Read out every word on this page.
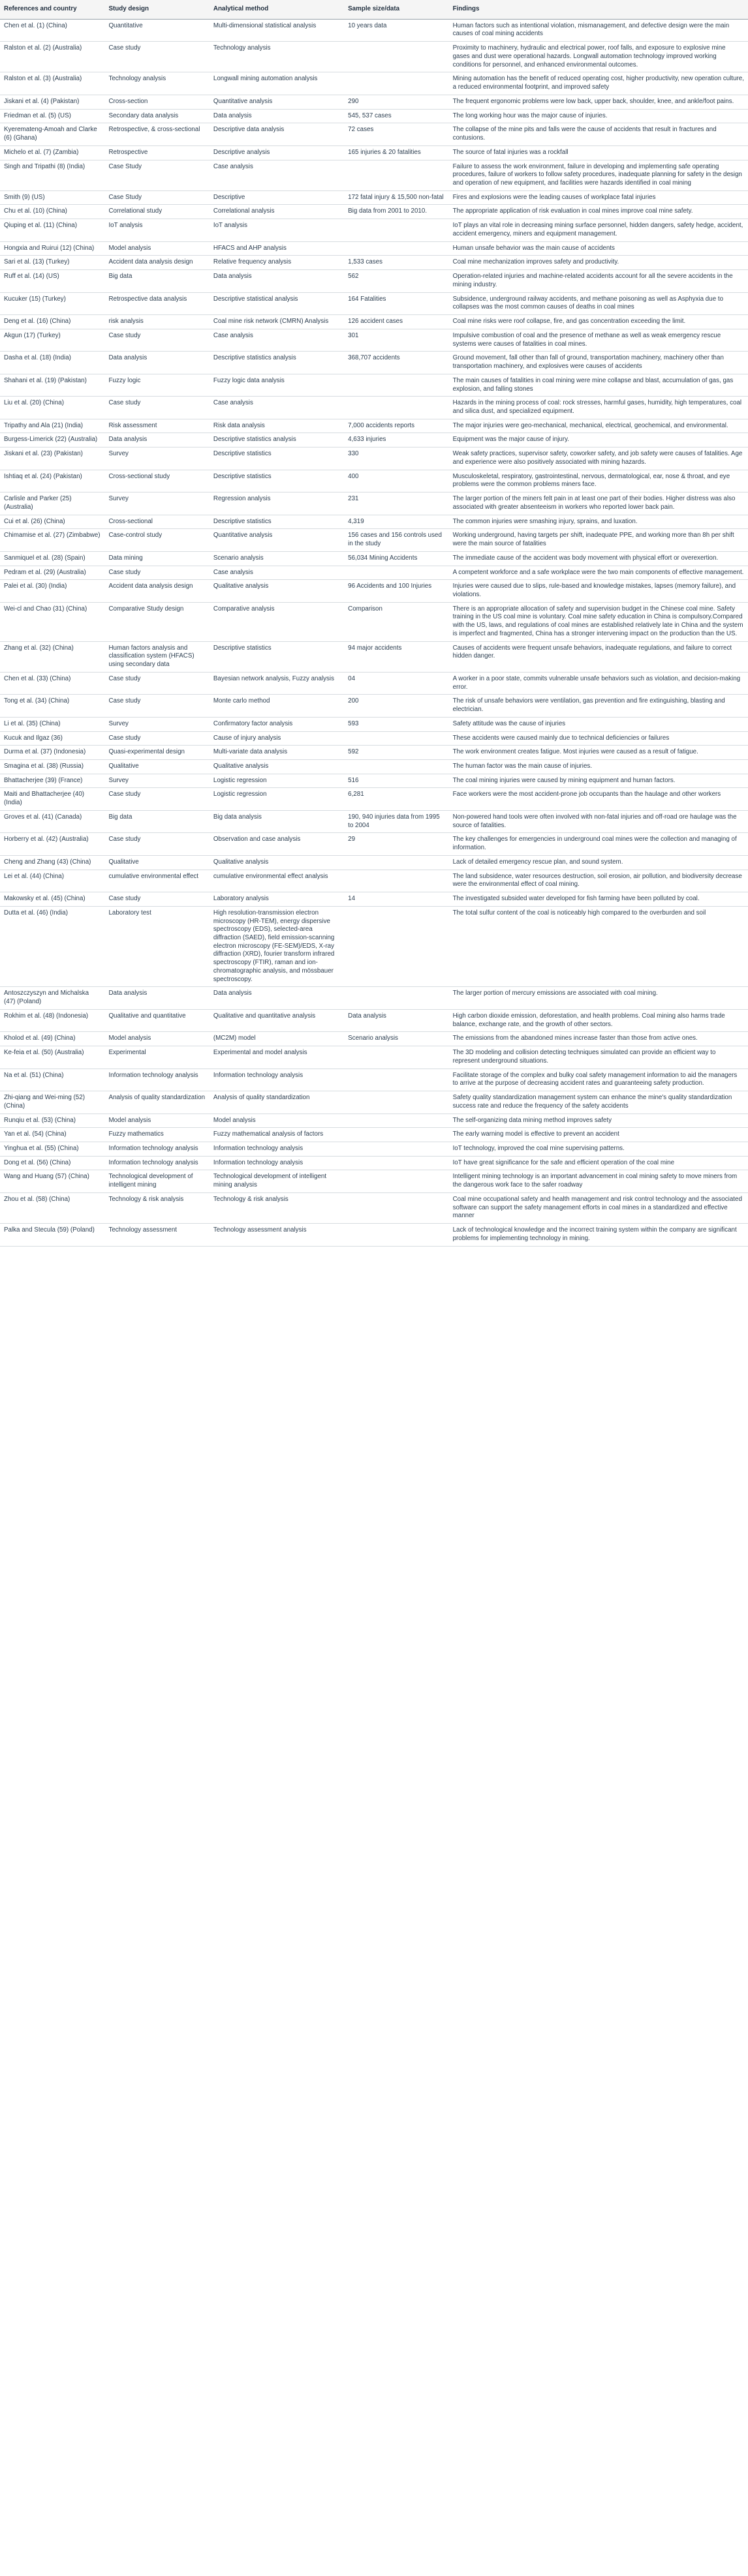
References and country	Study design	Analytical method	Sample size/data	Findings
Chen et al. (1) (China)	Quantitative	Multi-dimensional statistical analysis	10 years data	Human factors such as intentional violation, mismanagement, and defective design were the main causes of coal mining accidents
Ralston et al. (2) (Australia)	Case study	Technology analysis		Proximity to machinery, hydraulic and electrical power, roof falls, and exposure to explosive mine gases and dust were operational hazards. Longwall automation technology improved working conditions for personnel, and enhanced environmental outcomes.
Ralston et al. (3) (Australia)	Technology analysis	Longwall mining automation analysis		Mining automation has the benefit of reduced operating cost, higher productivity, new operation culture, a reduced environmental footprint, and improved safety
Jiskani et al. (4) (Pakistan)	Cross-section	Quantitative analysis	290	The frequent ergonomic problems were low back, upper back, shoulder, knee, and ankle/foot pains.
Friedman et al. (5) (US)	Secondary data analysis	Data analysis	545, 537 cases	The long working hour was the major cause of injuries.
Kyeremateng-Amoah and Clarke (6) (Ghana)	Retrospective, & cross-sectional	Descriptive data analysis	72 cases	The collapse of the mine pits and falls were the cause of accidents that result in fractures and contusions.
Michelo et al. (7) (Zambia)	Retrospective	Descriptive analysis	165 injuries & 20 fatalities	The source of fatal injuries was a rockfall
Singh and Tripathi (8) (India)	Case Study	Case analysis		Failure to assess the work environment, failure in developing and implementing safe operating procedures, failure of workers to follow safety procedures, inadequate planning for safety in the design and operation of new equipment, and facilities were hazards identified in coal mining
Smith (9) (US)	Case Study	Descriptive	172 fatal injury & 15,500 non-fatal	Fires and explosions were the leading causes of workplace fatal injuries
Chu et al. (10) (China)	Correlational study	Correlational analysis	Big data from 2001 to 2010.	The appropriate application of risk evaluation in coal mines improve coal mine safety.
Qiuping et al. (11) (China)	IoT analysis	IoT analysis		IoT plays an vital role in decreasing mining surface personnel, hidden dangers, safety hedge, accident, accident emergency, miners and equipment management.
Hongxia and Ruirui (12) (China)	Model analysis	HFACS and AHP analysis		Human unsafe behavior was the main cause of accidents
Sari et al. (13) (Turkey)	Accident data analysis design	Relative frequency analysis	1,533 cases	Coal mine mechanization improves safety and productivity.
Ruff et al. (14) (US)	Big data	Data analysis	562	Operation-related injuries and machine-related accidents account for all the severe accidents in the mining industry.
Kucuker (15) (Turkey)	Retrospective data analysis	Descriptive statistical analysis	164 Fatalities	Subsidence, underground railway accidents, and methane poisoning as well as Asphyxia due to collapses was the most common causes of deaths in coal mines
Deng et al. (16) (China)	risk analysis	Coal mine risk network (CMRN) Analysis	126 accident cases	Coal mine risks were roof collapse, fire, and gas concentration exceeding the limit.
Akgun (17) (Turkey)	Case study	Case analysis	301	Impulsive combustion of coal and the presence of methane as well as weak emergency rescue systems were causes of fatalities in coal mines.
Dasha et al. (18) (India)	Data analysis	Descriptive statistics analysis	368,707 accidents	Ground movement, fall other than fall of ground, transportation machinery, machinery other than transportation machinery, and explosives were causes of accidents
Shahani et al. (19) (Pakistan)	Fuzzy logic	Fuzzy logic data analysis		The main causes of fatalities in coal mining were mine collapse and blast, accumulation of gas, gas explosion, and falling stones
Liu et al. (20) (China)	Case study	Case analysis		Hazards in the mining process of coal: rock stresses, harmful gases, humidity, high temperatures, coal and silica dust, and specialized equipment.
Tripathy and Ala (21) (India)	Risk assessment	Risk data analysis	7,000 accidents reports	The major injuries were geo-mechanical, mechanical, electrical, geochemical, and environmental.
Burgess-Limerick (22) (Australia)	Data analysis	Descriptive statistics analysis	4,633 injuries	Equipment was the major cause of injury.
Jiskani et al. (23) (Pakistan)	Survey	Descriptive statistics	330	Weak safety practices, supervisor safety, coworker safety, and job safety were causes of fatalities. Age and experience were also positively associated with mining hazards.
Ishtiaq et al. (24) (Pakistan)	Cross-sectional study	Descriptive statistics	400	Musculoskeletal, respiratory, gastrointestinal, nervous, dermatological, ear, nose & throat, and eye problems were the common problems miners face.
Carlisle and Parker (25) (Australia)	Survey	Regression analysis	231	The larger portion of the miners felt pain in at least one part of their bodies. Higher distress was also associated with greater absenteeism in workers who reported lower back pain.
Cui et al. (26) (China)	Cross-sectional	Descriptive statistics	4,319	The common injuries were smashing injury, sprains, and luxation.
Chimamise et al. (27) (Zimbabwe)	Case-control study	Quantitative analysis	156 cases and 156 controls used in the study	Working underground, having targets per shift, inadequate PPE, and working more than 8h per shift were the main source of fatalities
Sanmiquel et al. (28) (Spain)	Data mining	Scenario analysis	56,034 Mining Accidents	The immediate cause of the accident was body movement with physical effort or overexertion.
Pedram et al. (29) (Australia)	Case study	Case analysis		A competent workforce and a safe workplace were the two main components of effective management.
Palei et al. (30) (India)	Accident data analysis design	Qualitative analysis	96 Accidents and 100 Injuries	Injuries were caused due to slips, rule-based and knowledge mistakes, lapses (memory failure), and violations.
Wei-cl and Chao (31) (China)	Comparative Study design	Comparative analysis	Comparison	There is an appropriate allocation of safety and supervision budget in the Chinese coal mine. Safety training in the US coal mine is voluntary. Coal mine safety education in China is compulsory.Compared with the US, laws, and regulations of coal mines are established relatively late in China and the system is imperfect and fragmented, China has a stronger intervening impact on the production than the US.
Zhang et al. (32) (China)	Human factors analysis and classification system (HFACS) using secondary data	Descriptive statistics	94 major accidents	Causes of accidents were frequent unsafe behaviors, inadequate regulations, and failure to correct hidden danger.
Chen et al. (33) (China)	Case study	Bayesian network analysis, Fuzzy analysis	04	A worker in a poor state, commits vulnerable unsafe behaviors such as violation, and decision-making error.
Tong et al. (34) (China)	Case study	Monte carlo method	200	The risk of unsafe behaviors were ventilation, gas prevention and fire extinguishing, blasting and electrician.
Li et al. (35) (China)	Survey	Confirmatory factor analysis	593	Safety attitude was the cause of injuries
Kucuk and Ilgaz (36)	Case study	Cause of injury analysis		These accidents were caused mainly due to technical deficiencies or failures
Durma et al. (37) (Indonesia)	Quasi-experimental design	Multi-variate data analysis	592	The work environment creates fatigue. Most injuries were caused as a result of fatigue.
Smagina et al. (38) (Russia)	Qualitative	Qualitative analysis		The human factor was the main cause of injuries.
Bhattacherjee (39) (France)	Survey	Logistic regression	516	The coal mining injuries were caused by mining equipment and human factors.
Maiti and Bhattacherjee (40) (India)	Case study	Logistic regression	6,281	Face workers were the most accident-prone job occupants than the haulage and other workers
Groves et al. (41) (Canada)	Big data	Big data analysis	190, 940 injuries data from 1995 to 2004	Non-powered hand tools were often involved with non-fatal injuries and off-road ore haulage was the source of fatalities.
Horberry et al. (42) (Australia)	Case study	Observation and case analysis	29	The key challenges for emergencies in underground coal mines were the collection and managing of information.
Cheng and Zhang (43) (China)	Qualitative	Qualitative analysis		Lack of detailed emergency rescue plan, and sound system.
Lei et al. (44) (China)	cumulative environmental effect	cumulative environmental effect analysis		The land subsidence, water resources destruction, soil erosion, air pollution, and biodiversity decrease were the environmental effect of coal mining.
Makowsky et al. (45) (China)	Case study	Laboratory analysis	14	The investigated subsided water developed for fish farming have been polluted by coal.
Dutta et al. (46) (India)	Laboratory test	High resolution-transmission electron microscopy (HR-TEM), energy dispersive spectroscopy (EDS), selected-area diffraction (SAED), field emission-scanning electron microscopy (FE-SEM)/EDS, X-ray diffraction (XRD), fourier transform infrared spectroscopy (FTIR), raman and ion-chromatographic analysis, and mössbauer spectroscopy.		The total sulfur content of the coal is noticeably high compared to the overburden and soil
Antoszczyszyn and Michalska (47) (Poland)	Data analysis	Data analysis		The larger portion of mercury emissions are associated with coal mining.
Rokhim et al. (48) (Indonesia)	Qualitative and quantitative	Qualitative and quantitative analysis	Data analysis	High carbon dioxide emission, deforestation, and health problems. Coal mining also harms trade balance, exchange rate, and the growth of other sectors.
Kholod et al. (49) (China)	Model analysis	(MC2M) model	Scenario analysis	The emissions from the abandoned mines increase faster than those from active ones.
Ke-feia et al. (50) (Australia)	Experimental	Experimental and model analysis		The 3D modeling and collision detecting techniques simulated can provide an efficient way to represent underground situations.
Na et al. (51) (China)	Information technology analysis	Information technology analysis		Facilitate storage of the complex and bulky coal safety management information to aid the managers to arrive at the purpose of decreasing accident rates and guaranteeing safety production.
Zhi-qiang and Wei-ming (52) (China)	Analysis of quality standardization	Analysis of quality standardization		Safety quality standardization management system can enhance the mine's quality standardization success rate and reduce the frequency of the safety accidents
Runqiu et al. (53) (China)	Model analysis	Model analysis		The self-organizing data mining method improves safety
Yan et al. (54) (China)	Fuzzy mathematics	Fuzzy mathematical analysis of factors		The early warning model is effective to prevent an accident
Yinghua et al. (55) (China)	Information technology analysis	Information technology analysis		IoT technology, improved the coal mine supervising patterns.
Dong et al. (56) (China)	Information technology analysis	Information technology analysis		IoT have great significance for the safe and efficient operation of the coal mine
Wang and Huang (57) (China)	Technological development of intelligent mining	Technological development of intelligent mining analysis		Intelligent mining technology is an important advancement in coal mining safety to move miners from the dangerous work face to the safer roadway
Zhou et al. (58) (China)	Technology & risk analysis	Technology & risk analysis		Coal mine occupational safety and health management and risk control technology and the associated software can support the safety management efforts in coal mines in a standardized and effective manner
Palka and Stecula (59) (Poland)	Technology assessment	Technology assessment analysis		Lack of technological knowledge and the incorrect training system within the company are significant problems for implementing technology in mining.
